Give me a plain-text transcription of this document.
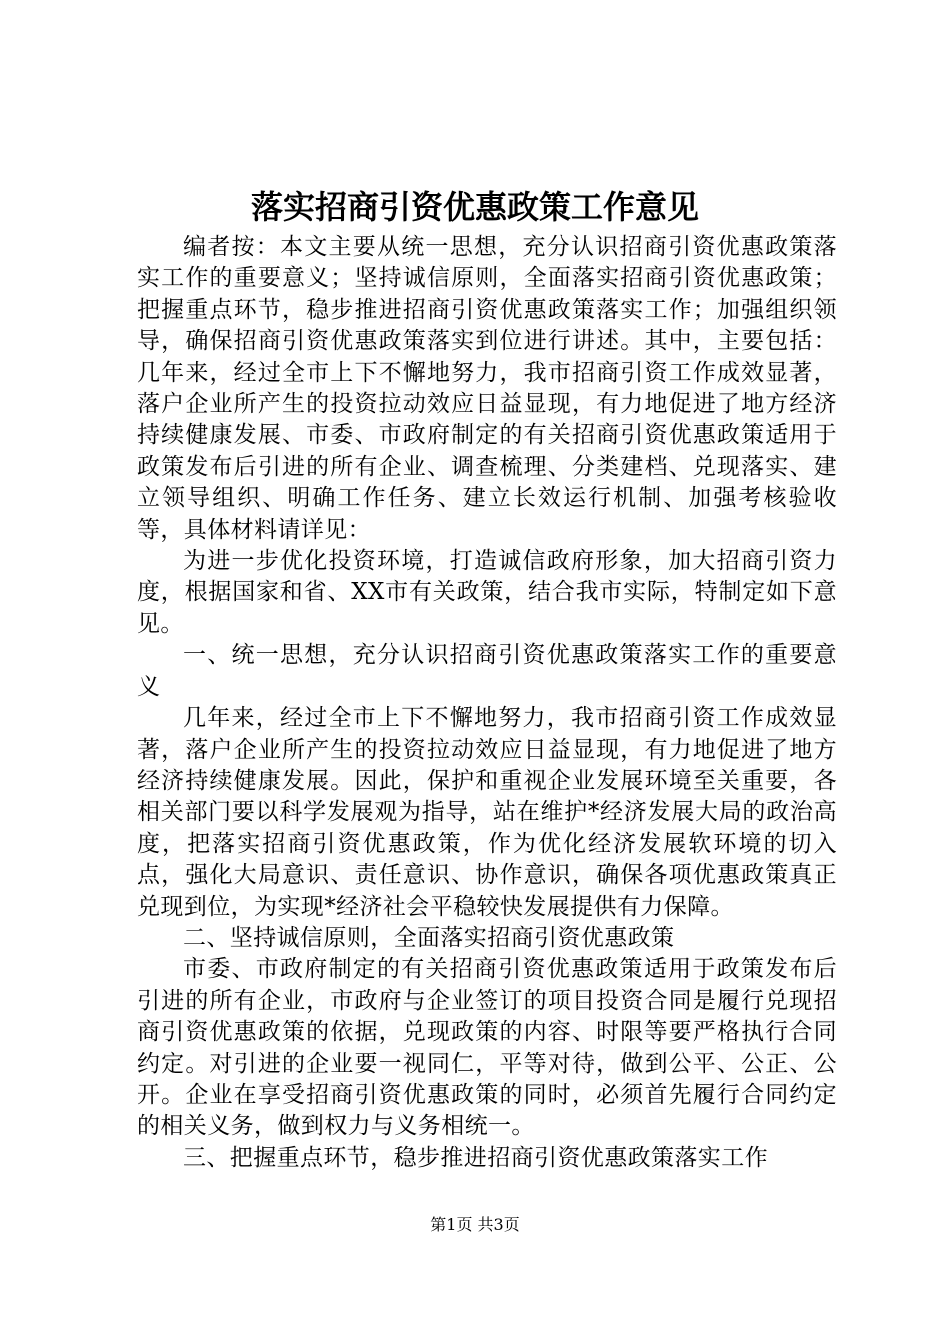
落实招商引资优惠政策工作意见

编者按：本文主要从统一思想，充分认识招商引资优惠政策落实工作的重要意义；坚持诚信原则，全面落实招商引资优惠政策；把握重点环节，稳步推进招商引资优惠政策落实工作；加强组织领导，确保招商引资优惠政策落实到位进行讲述。其中，主要包括：几年来，经过全市上下不懈地努力，我市招商引资工作成效显著，落户企业所产生的投资拉动效应日益显现，有力地促进了地方经济持续健康发展、市委、市政府制定的有关招商引资优惠政策适用于政策发布后引进的所有企业、调查梳理、分类建档、兑现落实、建立领导组织、明确工作任务、建立长效运行机制、加强考核验收等，具体材料请详见：

为进一步优化投资环境，打造诚信政府形象，加大招商引资力度，根据国家和省、XX市有关政策，结合我市实际，特制定如下意见。

一、统一思想，充分认识招商引资优惠政策落实工作的重要意义

几年来，经过全市上下不懈地努力，我市招商引资工作成效显著，落户企业所产生的投资拉动效应日益显现，有力地促进了地方经济持续健康发展。因此，保护和重视企业发展环境至关重要，各相关部门要以科学发展观为指导，站在维护*经济发展大局的政治高度，把落实招商引资优惠政策，作为优化经济发展软环境的切入点，强化大局意识、责任意识、协作意识，确保各项优惠政策真正兑现到位，为实现*经济社会平稳较快发展提供有力保障。

二、坚持诚信原则，全面落实招商引资优惠政策

市委、市政府制定的有关招商引资优惠政策适用于政策发布后引进的所有企业，市政府与企业签订的项目投资合同是履行兑现招商引资优惠政策的依据，兑现政策的内容、时限等要严格执行合同约定。对引进的企业要一视同仁，平等对待，做到公平、公正、公开。企业在享受招商引资优惠政策的同时，必须首先履行合同约定的相关义务，做到权力与义务相统一。

三、把握重点环节，稳步推进招商引资优惠政策落实工作

第1页 共3页
